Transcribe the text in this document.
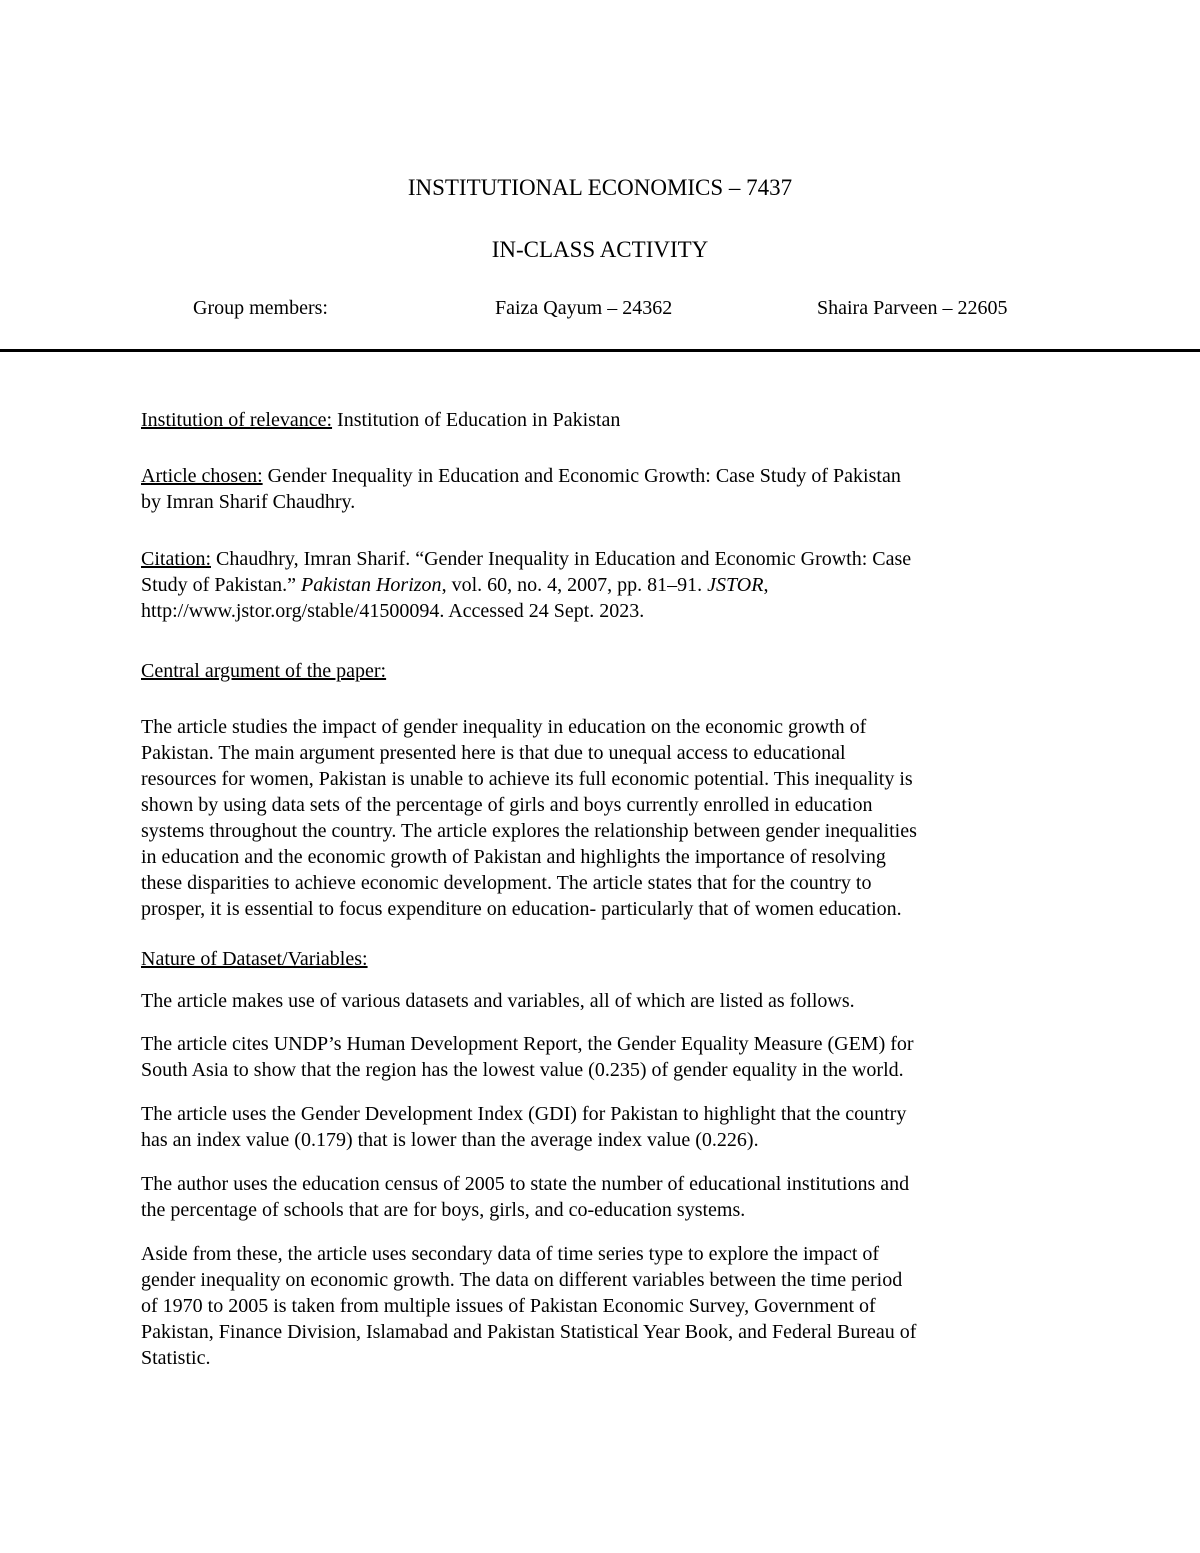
INSTITUTIONAL ECONOMICS – 7437
IN-CLASS ACTIVITY
Group members:	Faiza Qayum – 24362	Shaira Parveen – 22605

Institution of relevance: Institution of Education in Pakistan

Article chosen: Gender Inequality in Education and Economic Growth: Case Study of Pakistan

by Imran Sharif Chaudhry.

Citation: Chaudhry, Imran Sharif. “Gender Inequality in Education and Economic Growth: Case

Study of Pakistan.” Pakistan Horizon, vol. 60, no. 4, 2007, pp. 81–91. JSTOR,

http://www.jstor.org/stable/41500094. Accessed 24 Sept. 2023.

Central argument of the paper:

The article studies the impact of gender inequality in education on the economic growth of

Pakistan. The main argument presented here is that due to unequal access to educational

resources for women, Pakistan is unable to achieve its full economic potential. This inequality is

shown by using data sets of the percentage of girls and boys currently enrolled in education

systems throughout the country. The article explores the relationship between gender inequalities

in education and the economic growth of Pakistan and highlights the importance of resolving

these disparities to achieve economic development. The article states that for the country to

prosper, it is essential to focus expenditure on education- particularly that of women education.

Nature of Dataset/Variables:

The article makes use of various datasets and variables, all of which are listed as follows.

The article cites UNDP’s Human Development Report, the Gender Equality Measure (GEM) for

South Asia to show that the region has the lowest value (0.235) of gender equality in the world.

The article uses the Gender Development Index (GDI) for Pakistan to highlight that the country

has an index value (0.179) that is lower than the average index value (0.226).

The author uses the education census of 2005 to state the number of educational institutions and

the percentage of schools that are for boys, girls, and co-education systems.

Aside from these, the article uses secondary data of time series type to explore the impact of

gender inequality on economic growth. The data on different variables between the time period

of 1970 to 2005 is taken from multiple issues of Pakistan Economic Survey, Government of

Pakistan, Finance Division, Islamabad and Pakistan Statistical Year Book, and Federal Bureau of

Statistic.
